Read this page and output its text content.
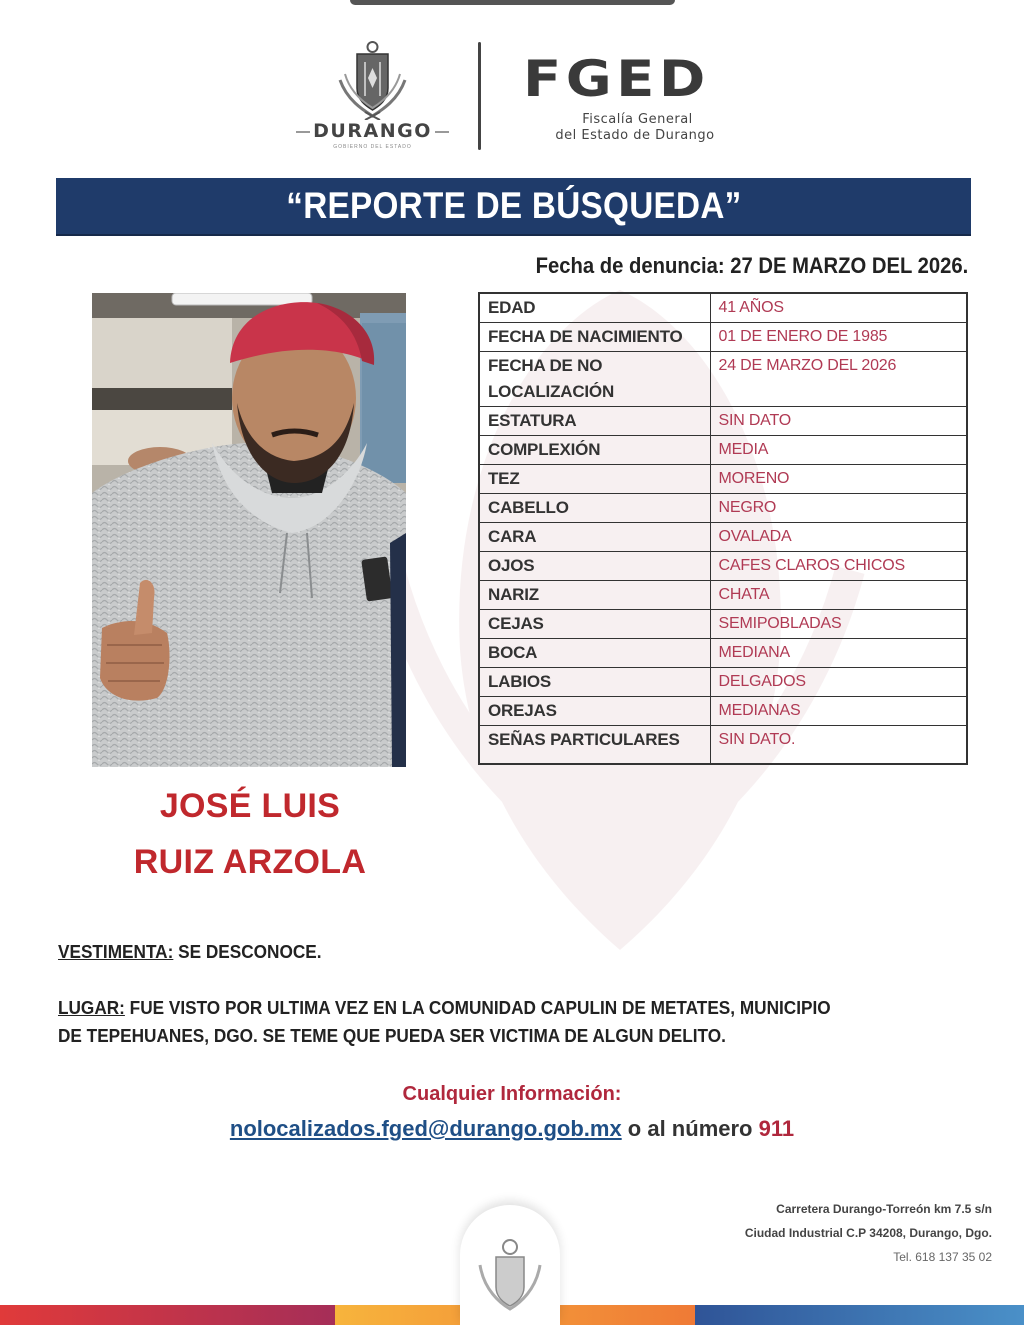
DURANGO
GOBIERNO DEL ESTADO
FGED
Fiscalía General
del Estado de Durango
“REPORTE DE BÚSQUEDA”
Fecha de denuncia: 27 DE MARZO DEL 2026.
EDAD	41 AÑOS
FECHA DE NACIMIENTO	01 DE ENERO DE 1985
FECHA DE NO LOCALIZACIÓN	24 DE MARZO DEL 2026
ESTATURA	SIN DATO
COMPLEXIÓN	MEDIA
TEZ	MORENO
CABELLO	NEGRO
CARA	OVALADA
OJOS	CAFES CLAROS CHICOS
NARIZ	CHATA
CEJAS	SEMIPOBLADAS
BOCA	MEDIANA
LABIOS	DELGADOS
OREJAS	MEDIANAS
SEÑAS PARTICULARES	SIN DATO.
JOSÉ LUIS
RUIZ ARZOLA
VESTIMENTA: SE DESCONOCE.
LUGAR: FUE VISTO POR ULTIMA VEZ EN LA COMUNIDAD CAPULIN DE METATES, MUNICIPIO
DE TEPEHUANES, DGO. SE TEME QUE PUEDA SER VICTIMA DE ALGUN DELITO.
Cualquier Información:
nolocalizados.fged@durango.gob.mx o al número 911
Carretera Durango-Torreón km 7.5 s/n
Ciudad Industrial C.P 34208, Durango, Dgo.
Tel. 618 137 35 02
